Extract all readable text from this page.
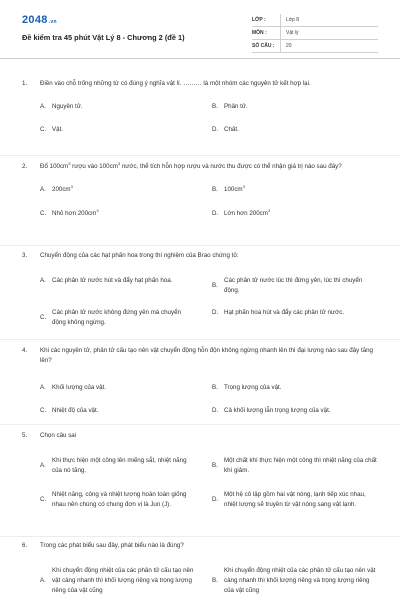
2048.vn
Đề kiểm tra 45 phút Vật Lý 8 - Chương 2 (đề 1)
LỚP :	Lớp 8
MÔN :	Vật lý
SỐ CÂU :	20
1.	Điền vào chỗ trống những từ có đúng ý nghĩa vật lí. ……… là một nhóm các nguyên tử kết hợp lại.
A. Nguyên tử.	B. Phân tử.
C. Vật.	D. Chất.
2.	Đổ $100cm^3$ rượu vào $100cm^3$ nước, thể tích hỗn hợp rượu và nước thu được có thể nhận giá trị nào sau đây?
A. $200cm^3$	B. $100cm^3$
C. Nhỏ hơn $200cm^3$	D. Lớn hơn $200cm^3$
3.	Chuyển động của các hạt phấn hoa trong thí nghiệm của Brao chứng tỏ:
A. Các phân tử nước hút và đẩy hạt phấn hoa.
B.
Các phân tử nước lúc thì đứng yên, lúc thì chuyển động.
C.
Các phân tử nước không đứng yên mà chuyển động không ngừng.
D. Hạt phấn hoa hút và đẩy các phân tử nước.
4.	Khi các nguyên tử, phân tử cấu tạo nên vật chuyển động hỗn độn không ngừng nhanh lên thì đại lượng nào sau đây tăng lên?
A. Khối lượng của vật.	B. Trọng lượng của vật.
C. Nhiệt độ của vật.	D. Cả khối lượng lẫn trọng lượng của vật.
5.	Chọn câu sai
A.
Khi thực hiện một công lên miếng sắt, nhiệt năng của nó tăng.
B.
Một chất khí thực hiện một công thì nhiệt năng của chất khí giảm.
C.
Nhiệt năng, công và nhiệt lượng hoàn toàn giống nhau nên chúng có chung đơn vị là Jun (J).
D.
Một hệ cô lập gồm hai vật nóng, lạnh tiếp xúc nhau, nhiệt lượng sẽ truyền từ vật nóng sang vật lạnh.
6.	Trong các phát biểu sau đây, phát biểu nào là đúng?
A.
Khi chuyển động nhiệt của các phân tử cấu tạo nên vật càng nhanh thì khối lượng riêng và trọng lượng riêng của vật cũng
B.
Khi chuyển động nhiệt của các phân tử cấu tạo nên vật càng nhanh thì khối lượng riêng và trọng lượng riêng của vật cũng
